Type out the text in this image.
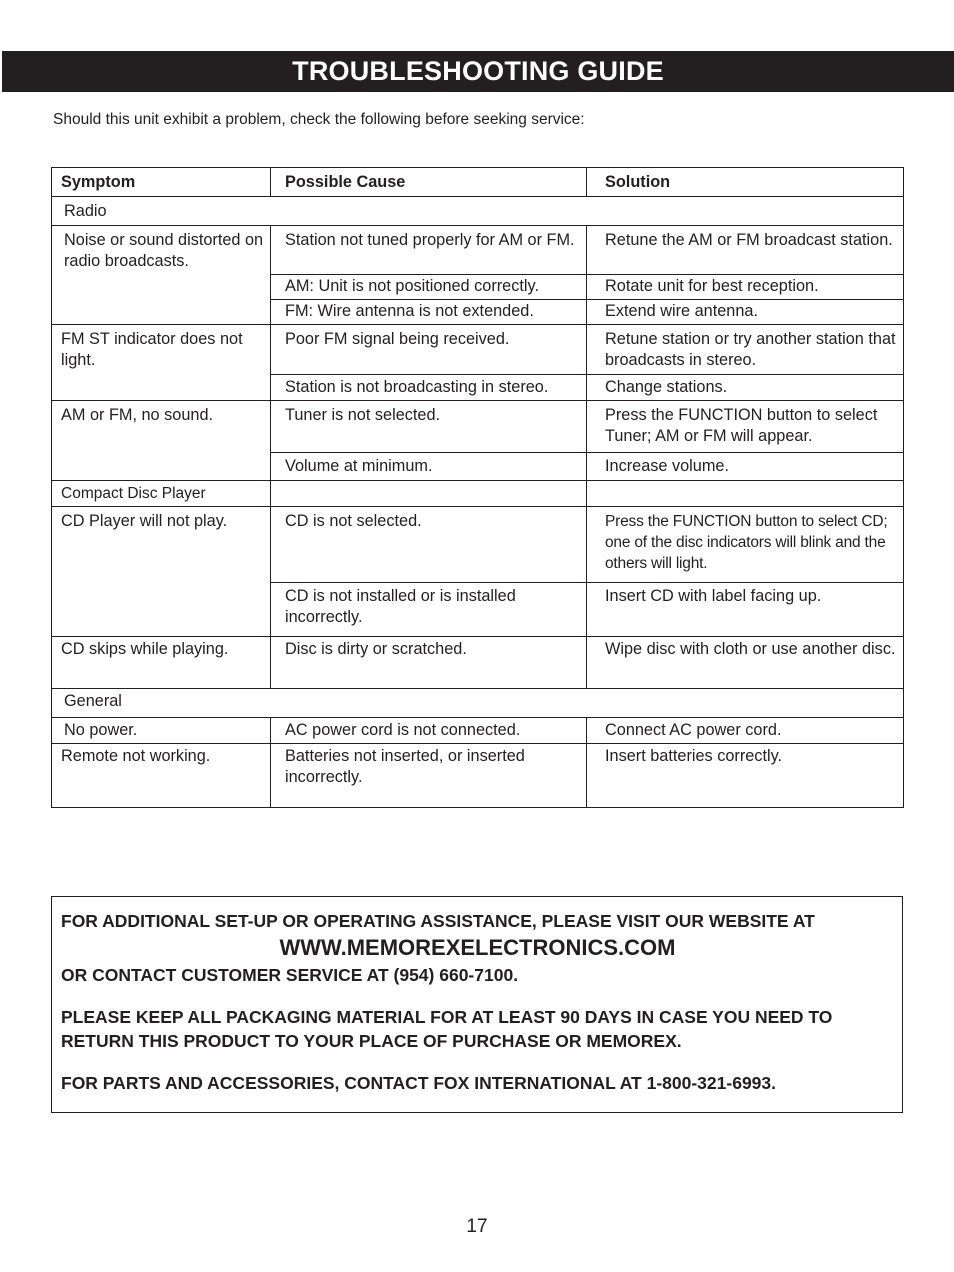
TROUBLESHOOTING GUIDE
Should this unit exhibit a problem, check the following before seeking service:
Symptom	Possible Cause	Solution
Radio		
Noise or sound distorted on radio broadcasts.	Station not tuned properly for AM or FM.	Retune the AM or FM broadcast station.
	AM: Unit is not positioned correctly.	Rotate unit for best reception.
	FM: Wire antenna is not extended.	Extend wire antenna.
FM ST indicator does not light.	Poor FM signal being received.	Retune station or try another station that broadcasts in stereo.
	Station is not broadcasting in stereo.	Change stations.
AM or FM, no sound.	Tuner is not selected.	Press the FUNCTION button to select Tuner; AM or FM will appear.
	Volume at minimum.	Increase volume.
Compact Disc Player		
CD Player will not play.	CD is not selected.	Press the FUNCTION button to select CD; one of the disc indicators will blink and the others will light.
	CD is not installed or is installed incorrectly.	Insert CD with label facing up.
CD skips while playing.	Disc is dirty or scratched.	Wipe disc with cloth or use another disc.
General		
No power.	AC power cord is not connected.	Connect AC power cord.
Remote not working.	Batteries not inserted, or inserted incorrectly.	Insert batteries correctly.

FOR ADDITIONAL SET-UP OR OPERATING ASSISTANCE, PLEASE VISIT OUR WEBSITE AT

WWW.MEMOREXELECTRONICS.COM

OR CONTACT CUSTOMER SERVICE AT (954) 660-7100.

PLEASE KEEP ALL PACKAGING MATERIAL FOR AT LEAST 90 DAYS IN CASE YOU NEED TO RETURN THIS PRODUCT TO YOUR PLACE OF PURCHASE OR MEMOREX.

FOR PARTS AND ACCESSORIES, CONTACT FOX INTERNATIONAL AT 1-800-321-6993.

17
